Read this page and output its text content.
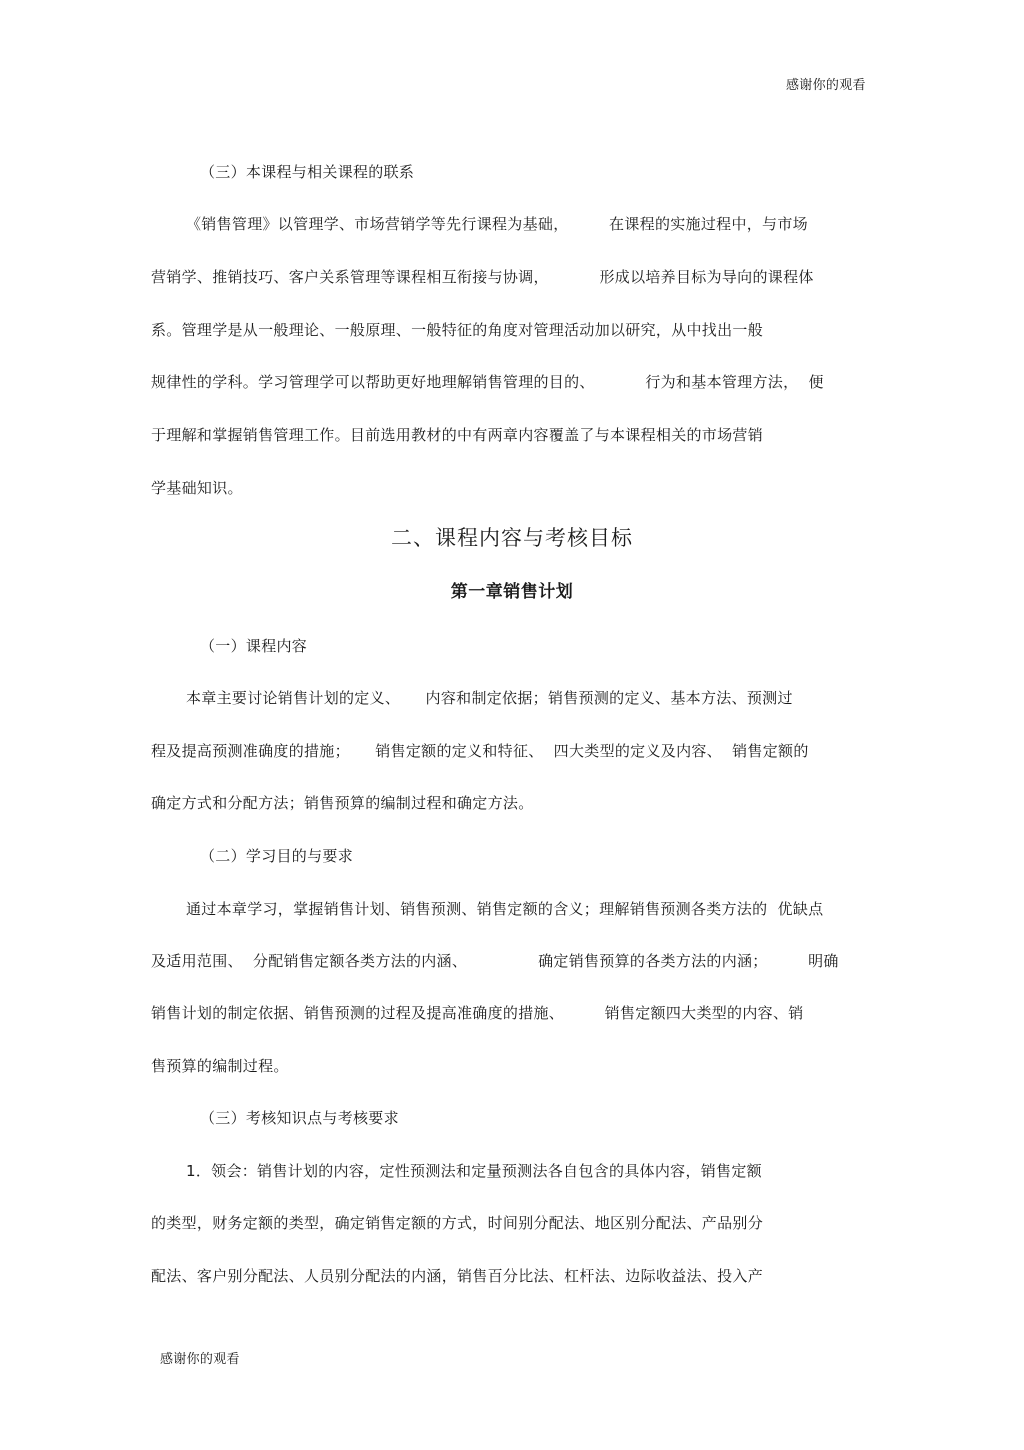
感谢你的观看
（三）本课程与相关课程的联系
《销售管理》以管理学、市场营销学等先行课程为基础，        在课程的实施过程中，与市场
营销学、推销技巧、客户关系管理等课程相互衔接与协调，          形成以培养目标为导向的课程体
系。管理学是从一般理论、一般原理、一般特征的角度对管理活动加以研究，从中找出一般
规律性的学科。学习管理学可以帮助更好地理解销售管理的目的、          行为和基本管理方法，  便
于理解和掌握销售管理工作。目前选用教材的中有两章内容覆盖了与本课程相关的市场营销
学基础知识。
二、课程内容与考核目标
第一章销售计划
（一）课程内容
本章主要讨论销售计划的定义、     内容和制定依据；销售预测的定义、基本方法、预测过
程及提高预测准确度的措施；     销售定额的定义和特征、  四大类型的定义及内容、  销售定额的
确定方式和分配方法；销售预算的编制过程和确定方法。
（二）学习目的与要求
通过本章学习，掌握销售计划、销售预测、销售定额的含义；理解销售预测各类方法的  优缺点
及适用范围、  分配销售定额各类方法的内涵、              确定销售预算的各类方法的内涵；        明确
销售计划的制定依据、销售预测的过程及提高准确度的措施、        销售定额四大类型的内容、销
售预算的编制过程。
（三）考核知识点与考核要求
1．领会：销售计划的内容，定性预测法和定量预测法各自包含的具体内容，销售定额
的类型，财务定额的类型，确定销售定额的方式，时间别分配法、地区别分配法、产品别分
配法、客户别分配法、人员别分配法的内涵，销售百分比法、杠杆法、边际收益法、投入产
感谢你的观看
